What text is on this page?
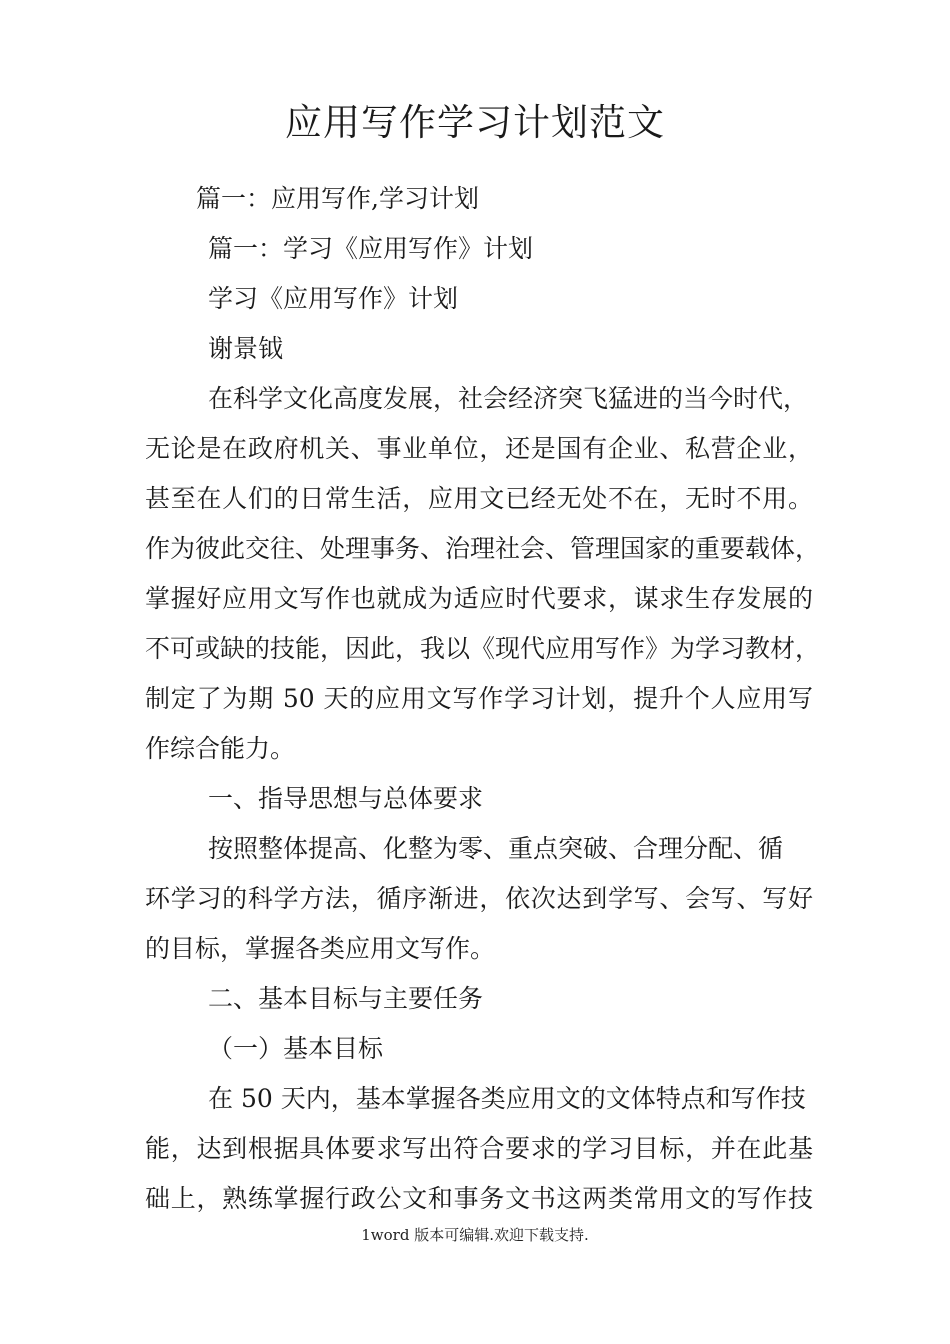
应用写作学习计划范文
篇一：应用写作,学习计划
篇一：学习《应用写作》计划
学习《应用写作》计划
谢景钺
在科学文化高度发展，社会经济突飞猛进的当今时代，
无论是在政府机关、事业单位，还是国有企业、私营企业，
甚至在人们的日常生活，应用文已经无处不在，无时不用。
作为彼此交往、处理事务、治理社会、管理国家的重要载体，
掌握好应用文写作也就成为适应时代要求，谋求生存发展的
不可或缺的技能，因此，我以《现代应用写作》为学习教材，
制定了为期 50 天的应用文写作学习计划，提升个人应用写
作综合能力。
一、指导思想与总体要求
按照整体提高、化整为零、重点突破、合理分配、循
环学习的科学方法，循序渐进，依次达到学写、会写、写好
的目标，掌握各类应用文写作。
二、基本目标与主要任务
（一）基本目标
在 50 天内，基本掌握各类应用文的文体特点和写作技
能，达到根据具体要求写出符合要求的学习目标，并在此基
础上，熟练掌握行政公文和事务文书这两类常用文的写作技
1word 版本可编辑.欢迎下载支持.
